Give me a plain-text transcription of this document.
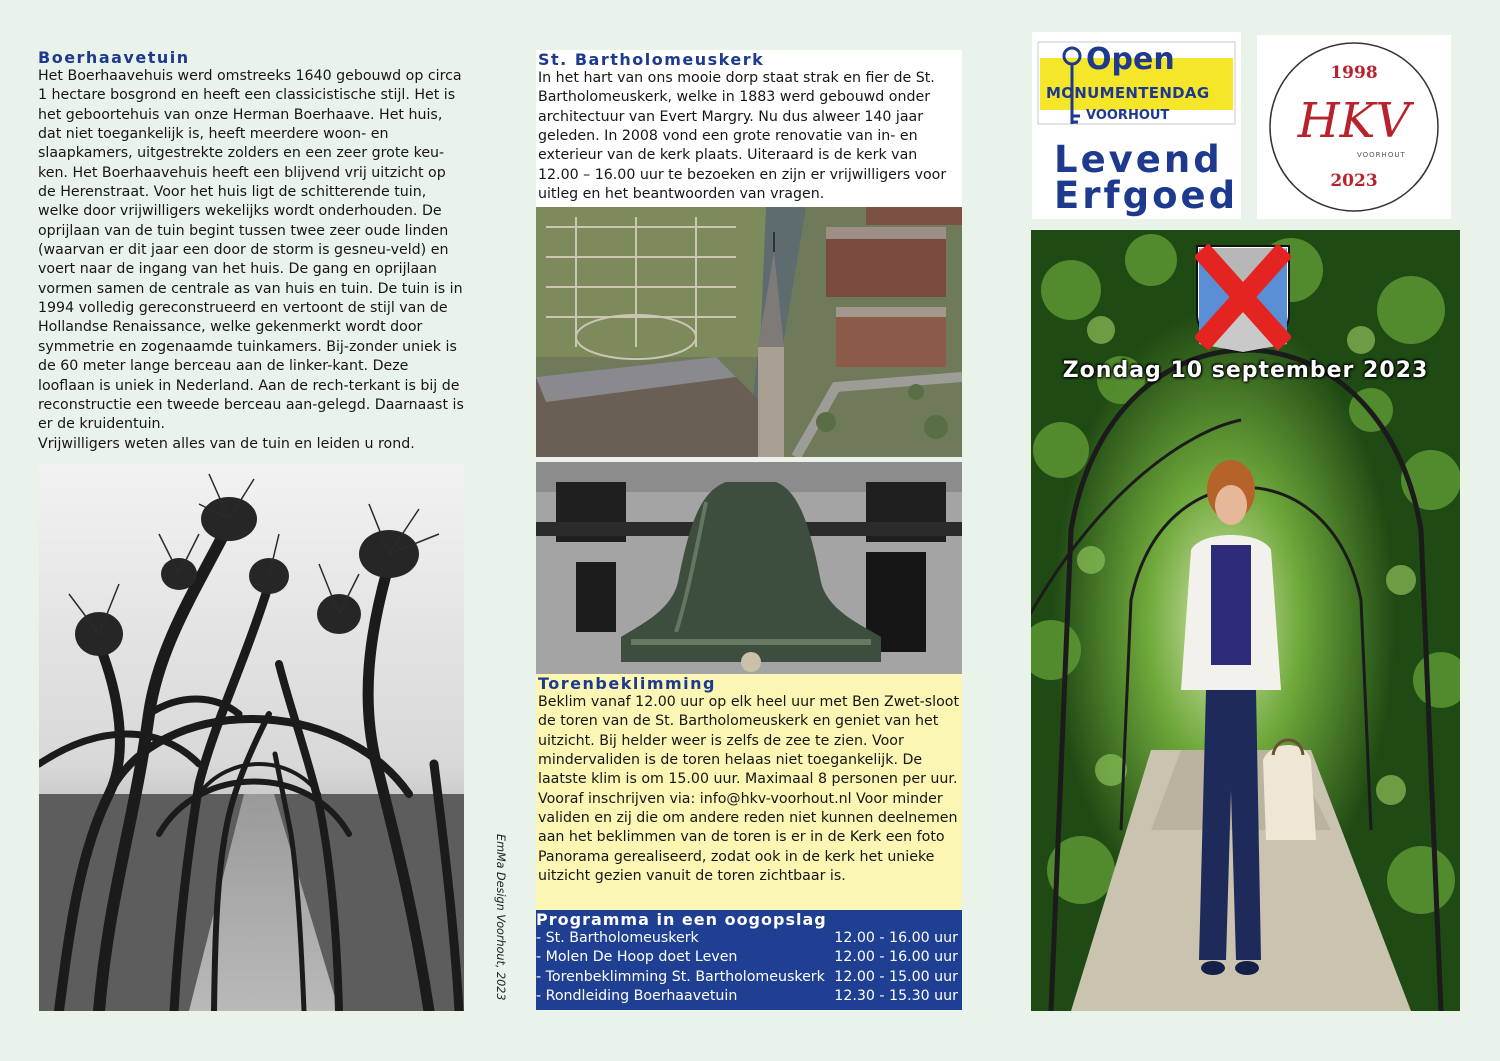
Boerhaavetuin

Het Boerhaavehuis werd omstreeks 1640 gebouwd op circa 1 hectare bosgrond en heeft een classicistische stijl. Het is het geboortehuis van onze Herman Boerhaave. Het huis, dat niet toegankelijk is, heeft meerdere woon- en slaapkamers, uitgestrekte zolders en een zeer grote keu-ken. Het Boerhaavehuis heeft een blijvend vrij uitzicht op de Herenstraat. Voor het huis ligt de schitterende tuin, welke door vrijwilligers wekelijks wordt onderhouden. De oprijlaan van de tuin begint tussen twee zeer oude linden (waarvan er dit jaar een door de storm is gesneu-veld) en voert naar de ingang van het huis. De gang en oprijlaan vormen samen de centrale as van huis en tuin. De tuin is in 1994 volledig gereconstrueerd en vertoont de stijl van de Hollandse Renaissance, welke gekenmerkt wordt door symmetrie en zogenaamde tuinkamers. Bij-zonder uniek is de 60 meter lange berceau aan de linker-kant. Deze looflaan is uniek in Nederland. Aan de rech-terkant is bij de reconstructie een tweede berceau aan-gelegd. Daarnaast is er de kruidentuin.

Vrijwilligers weten alles van de tuin en leiden u rond.

St. Bartholomeuskerk
In het hart van ons mooie dorp staat strak en fier de St. Bartholomeuskerk, welke in 1883 werd gebouwd onder architectuur van Evert Margry. Nu dus alweer 140 jaar geleden. In 2008 vond een grote renovatie van in- en exterieur van de kerk plaats. Uiteraard is de kerk van 12.00 – 16.00 uur te bezoeken en zijn er vrijwilligers voor uitleg en het beantwoorden van vragen.
Torenbeklimming
Beklim vanaf 12.00 uur op elk heel uur met Ben Zwet-sloot de toren van de St. Bartholomeuskerk en geniet van het uitzicht. Bij helder weer is zelfs de zee te zien. Voor mindervaliden is de toren helaas niet toegankelijk. De laatste klim is om 15.00 uur. Maximaal 8 personen per uur. Vooraf inschrijven via: info@hkv-voorhout.nl Voor minder validen en zij die om andere reden niet kunnen deelnemen aan het beklimmen van de toren is er in de Kerk een foto Panorama gerealiseerd, zodat ook in de kerk het unieke uitzicht gezien vanuit de toren zichtbaar is.
Programma in een oogopslag
- St. Bartholomeuskerk	12.00 - 16.00 uur
- Molen De Hoop doet Leven	12.00 - 16.00 uur
- Torenbeklimming St. Bartholomeuskerk 12.00 - 15.00 uur
- Rondleiding Boerhaavetuin	12.30 - 15.30 uur
EmMa Design Voorhout, 2023
Open
MONUMENTENDAG
VOORHOUT
Levend
Erfgoed
1998
HKV
VOORHOUT
2023
Zondag 10 september 2023
